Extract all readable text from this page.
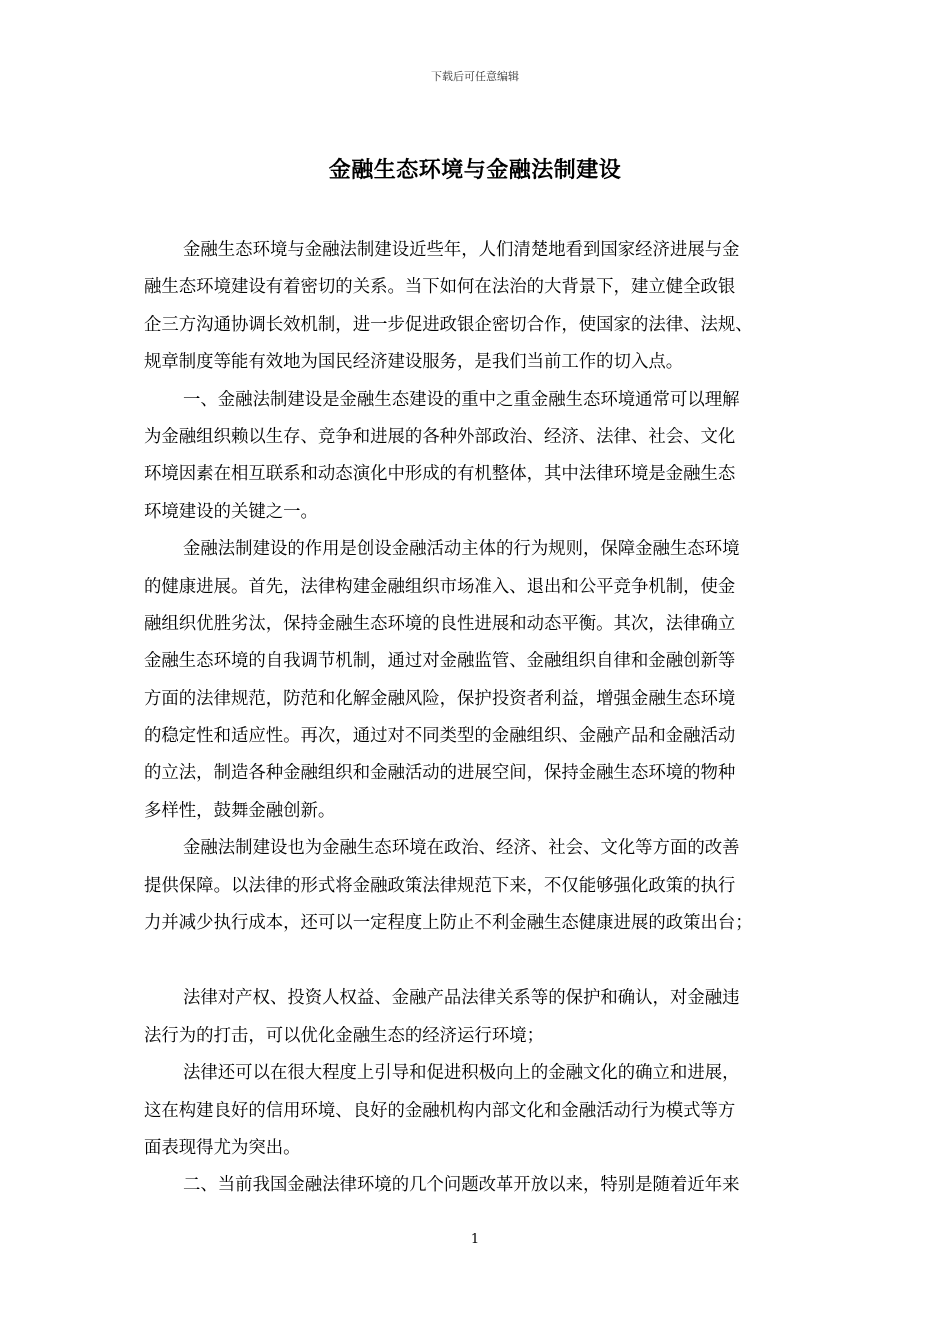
下载后可任意编辑
金融生态环境与金融法制建设
金融生态环境与金融法制建设近些年，人们清楚地看到国家经济进展与金
融生态环境建设有着密切的关系。当下如何在法治的大背景下，建立健全政银
企三方沟通协调长效机制，进一步促进政银企密切合作，使国家的法律、法规、
规章制度等能有效地为国民经济建设服务，是我们当前工作的切入点。
一、金融法制建设是金融生态建设的重中之重金融生态环境通常可以理解
为金融组织赖以生存、竞争和进展的各种外部政治、经济、法律、社会、文化
环境因素在相互联系和动态演化中形成的有机整体，其中法律环境是金融生态
环境建设的关键之一。
金融法制建设的作用是创设金融活动主体的行为规则，保障金融生态环境
的健康进展。首先，法律构建金融组织市场准入、退出和公平竞争机制，使金
融组织优胜劣汰，保持金融生态环境的良性进展和动态平衡。其次，法律确立
金融生态环境的自我调节机制，通过对金融监管、金融组织自律和金融创新等
方面的法律规范，防范和化解金融风险，保护投资者利益，增强金融生态环境
的稳定性和适应性。再次，通过对不同类型的金融组织、金融产品和金融活动
的立法，制造各种金融组织和金融活动的进展空间，保持金融生态环境的物种
多样性，鼓舞金融创新。
金融法制建设也为金融生态环境在政治、经济、社会、文化等方面的改善
提供保障。以法律的形式将金融政策法律规范下来，不仅能够强化政策的执行
力并减少执行成本，还可以一定程度上防止不利金融生态健康进展的政策出台；
法律对产权、投资人权益、金融产品法律关系等的保护和确认，对金融违
法行为的打击，可以优化金融生态的经济运行环境；
法律还可以在很大程度上引导和促进积极向上的金融文化的确立和进展，
这在构建良好的信用环境、良好的金融机构内部文化和金融活动行为模式等方
面表现得尤为突出。
二、当前我国金融法律环境的几个问题改革开放以来，特别是随着近年来
1
